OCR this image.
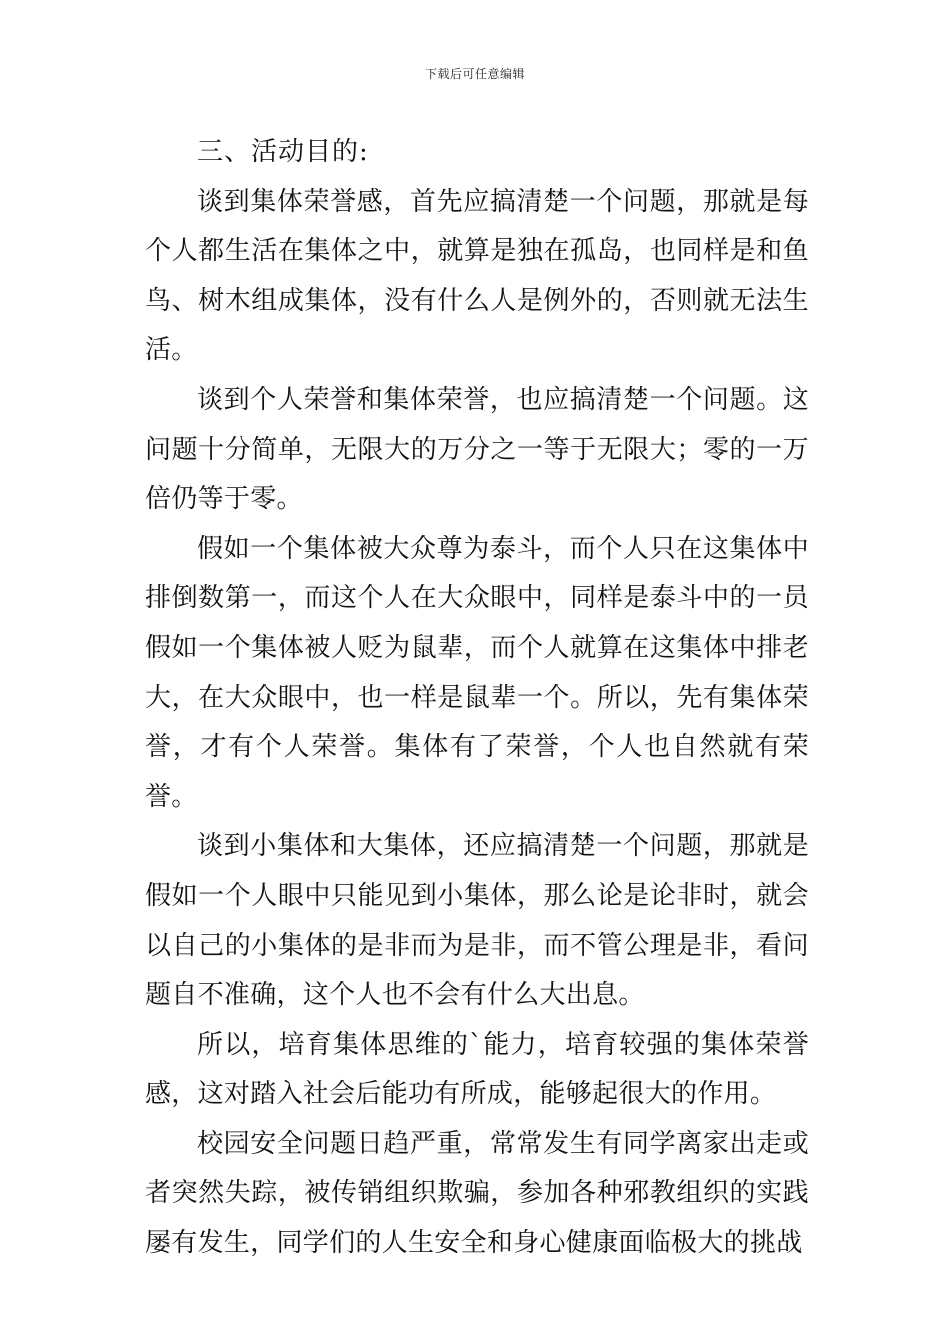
下载后可任意编辑

三、活动目的:

谈到集体荣誉感，首先应搞清楚一个问题，那就是每个人都生活在集体之中，就算是独在孤岛，也同样是和鱼鸟、树木组成集体，没有什么人是例外的，否则就无法生活。

谈到个人荣誉和集体荣誉，也应搞清楚一个问题。这问题十分简单，无限大的万分之一等于无限大；零的一万倍仍等于零。

假如一个集体被大众尊为泰斗，而个人只在这集体中排倒数第一，而这个人在大众眼中，同样是泰斗中的一员假如一个集体被人贬为鼠辈，而个人就算在这集体中排老大，在大众眼中，也一样是鼠辈一个。所以，先有集体荣誉，才有个人荣誉。集体有了荣誉，个人也自然就有荣誉。

谈到小集体和大集体，还应搞清楚一个问题，那就是假如一个人眼中只能见到小集体，那么论是论非时，就会以自己的小集体的是非而为是非，而不管公理是非，看问题自不准确，这个人也不会有什么大出息。

所以，培育集体思维的`能力，培育较强的集体荣誉感，这对踏入社会后能功有所成，能够起很大的作用。

校园安全问题日趋严重，常常发生有同学离家出走或者突然失踪，被传销组织欺骗，参加各种邪教组织的实践屡有发生，同学们的人生安全和身心健康面临极大的挑战
